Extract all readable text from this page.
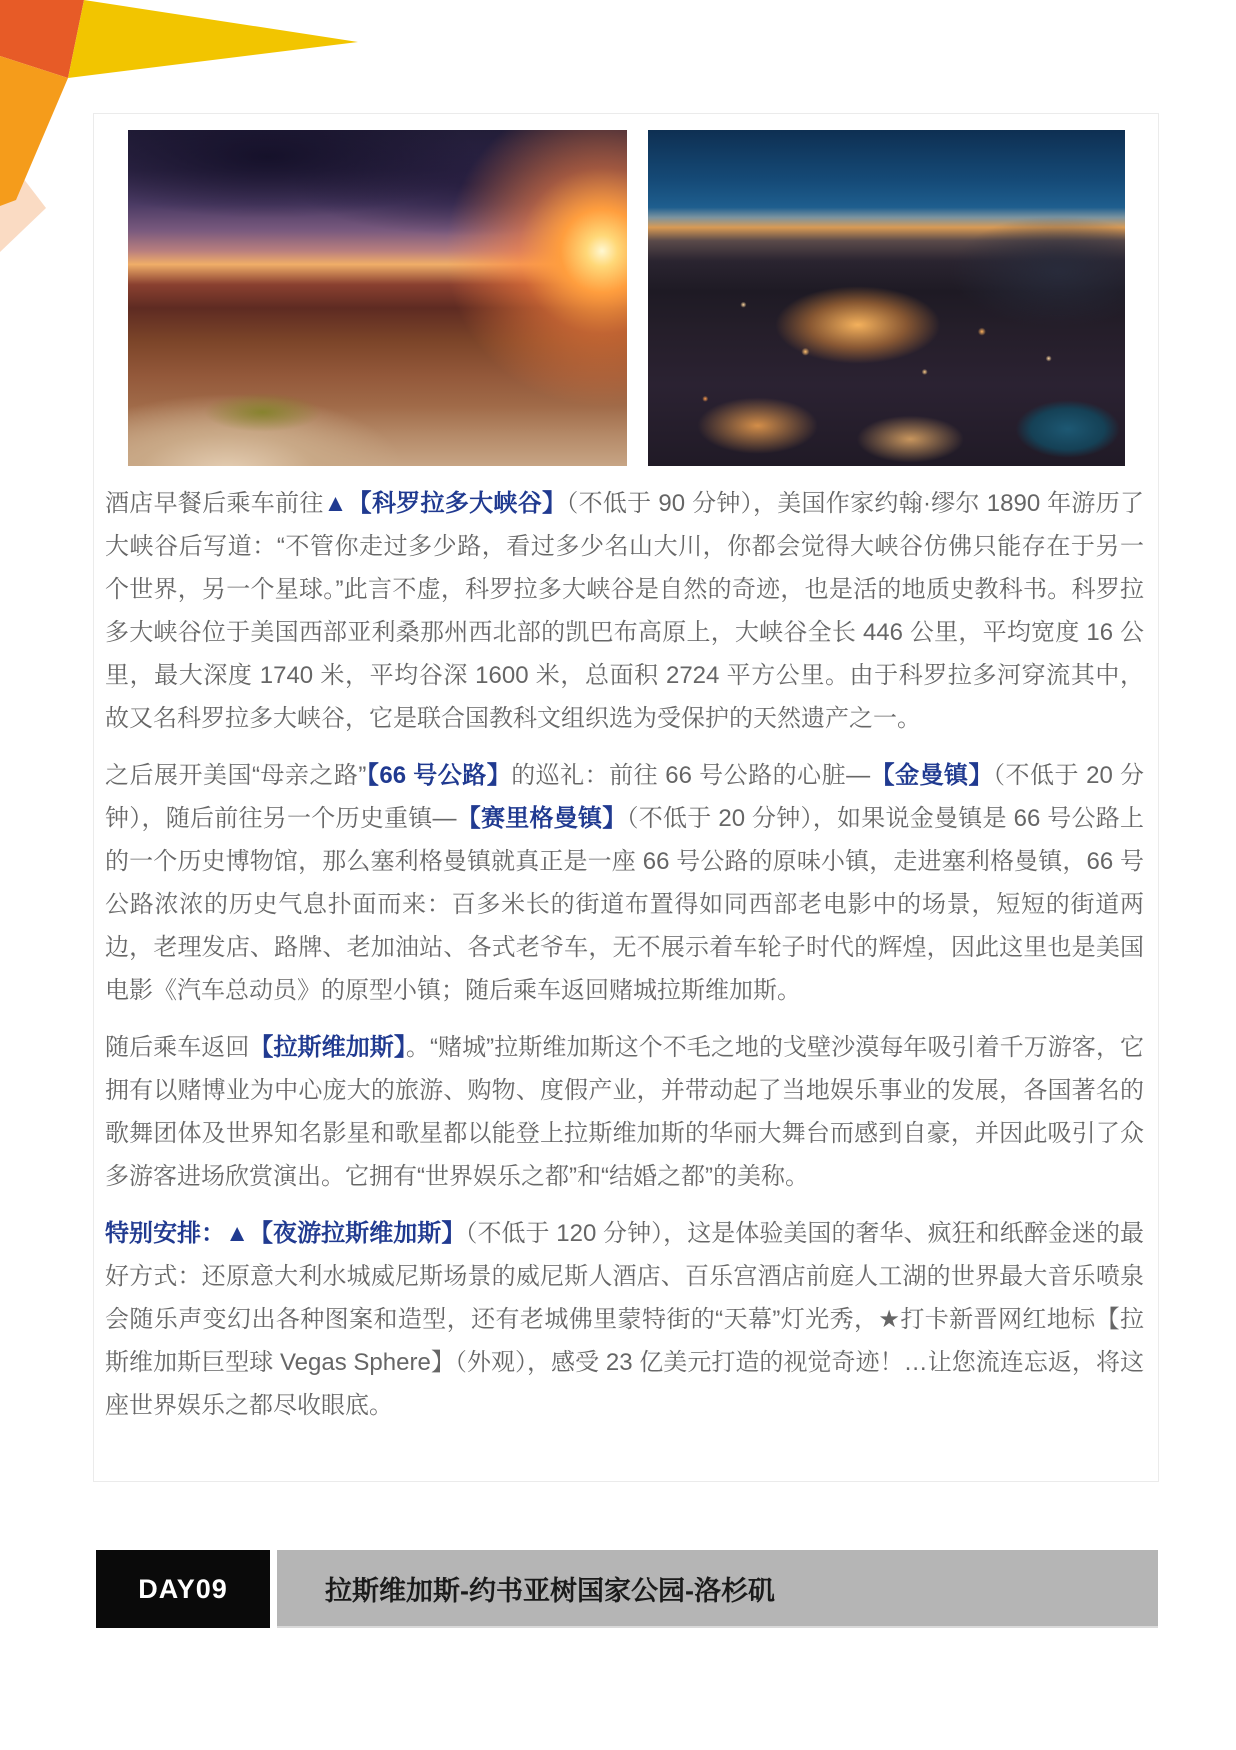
酒店早餐后乘车前往▲【科罗拉多大峡谷】（不低于 90 分钟），美国作家约翰·缪尔 1890 年游历了大峡谷后写道：“不管你走过多少路，看过多少名山大川，你都会觉得大峡谷仿佛只能存在于另一个世界，另一个星球。”此言不虚，科罗拉多大峡谷是自然的奇迹，也是活的地质史教科书。科罗拉多大峡谷位于美国西部亚利桑那州西北部的凯巴布高原上，大峡谷全长 446 公里，平均宽度 16 公里，最大深度 1740 米，平均谷深 1600 米，总面积 2724 平方公里。由于科罗拉多河穿流其中，故又名科罗拉多大峡谷，它是联合国教科文组织选为受保护的天然遗产之一。

之后展开美国“母亲之路”【66 号公路】的巡礼：前往 66 号公路的心脏—【金曼镇】（不低于 20 分钟），随后前往另一个历史重镇—【赛里格曼镇】（不低于 20 分钟），如果说金曼镇是 66 号公路上的一个历史博物馆，那么塞利格曼镇就真正是一座 66 号公路的原味小镇，走进塞利格曼镇，66 号公路浓浓的历史气息扑面而来：百多米长的街道布置得如同西部老电影中的场景，短短的街道两边，老理发店、路牌、老加油站、各式老爷车，无不展示着车轮子时代的辉煌，因此这里也是美国电影《汽车总动员》的原型小镇；随后乘车返回赌城拉斯维加斯。

随后乘车返回【拉斯维加斯】。“赌城”拉斯维加斯这个不毛之地的戈壁沙漠每年吸引着千万游客，它拥有以赌博业为中心庞大的旅游、购物、度假产业，并带动起了当地娱乐事业的发展，各国著名的歌舞团体及世界知名影星和歌星都以能登上拉斯维加斯的华丽大舞台而感到自豪，并因此吸引了众多游客进场欣赏演出。它拥有“世界娱乐之都”和“结婚之都”的美称。

特别安排：▲【夜游拉斯维加斯】（不低于 120 分钟），这是体验美国的奢华、疯狂和纸醉金迷的最好方式：还原意大利水城威尼斯场景的威尼斯人酒店、百乐宫酒店前庭人工湖的世界最大音乐喷泉会随乐声变幻出各种图案和造型，还有老城佛里蒙特街的“天幕”灯光秀，★打卡新晋网红地标【拉斯维加斯巨型球 Vegas Sphere】（外观），感受 23 亿美元打造的视觉奇迹！…让您流连忘返，将这座世界娱乐之都尽收眼底。

DAY09	拉斯维加斯-约书亚树国家公园-洛杉矶
